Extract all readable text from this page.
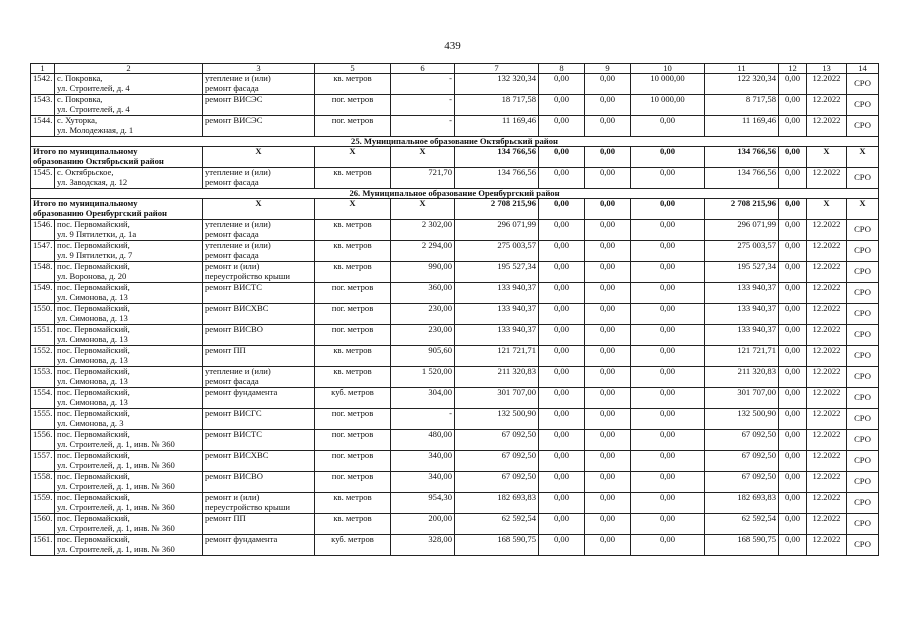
439
1	2	3	5	6	7	8	9	10	11	12	13	14
1542.	с. Покровка,
ул. Строителей, д. 4	утепление и (или)
ремонт фасада	кв. метров	-	132 320,34	0,00	0,00	10 000,00	122 320,34	0,00	12.2022	СРО
1543.	с. Покровка,
ул. Строителей, д. 4	ремонт ВИСЭС	пог. метров	-	18 717,58	0,00	0,00	10 000,00	8 717,58	0,00	12.2022	СРО
1544.	с. Хуторка,
ул. Молодежная, д. 1	ремонт ВИСЭС	пог. метров	-	11 169,46	0,00	0,00	0,00	11 169,46	0,00	12.2022	СРО
25. Муниципальное образование Октябрьский район												

Итого по муниципальному
образованию Октябрьский район		Х	Х	Х	134 766,56	0,00	0,00	0,00	134 766,56	0,00	Х	Х
1545.	с. Октябрьское,
ул. Заводская, д. 12	утепление и (или)
ремонт фасада	кв. метров	721,70	134 766,56	0,00	0,00	0,00	134 766,56	0,00	12.2022	СРО
26. Муниципальное образование Оренбургский район												

Итого по муниципальному
образованию Оренбургский район		Х	Х	Х	2 708 215,96	0,00	0,00	0,00	2 708 215,96	0,00	Х	Х
1546.	пос. Первомайский,
ул. 9 Пятилетки, д. 1а	утепление и (или)
ремонт фасада	кв. метров	2 302,00	296 071,99	0,00	0,00	0,00	296 071,99	0,00	12.2022	СРО
1547.	пос. Первомайский,
ул. 9 Пятилетки, д. 7	утепление и (или)
ремонт фасада	кв. метров	2 294,00	275 003,57	0,00	0,00	0,00	275 003,57	0,00	12.2022	СРО
1548.	пос. Первомайский,
ул. Воронова, д. 20	ремонт и (или)
переустройство крыши	кв. метров	990,00	195 527,34	0,00	0,00	0,00	195 527,34	0,00	12.2022	СРО
1549.	пос. Первомайский,
ул. Симонова, д. 13	ремонт ВИСТС	пог. метров	360,00	133 940,37	0,00	0,00	0,00	133 940,37	0,00	12.2022	СРО
1550.	пос. Первомайский,
ул. Симонова, д. 13	ремонт ВИСХВС	пог. метров	230,00	133 940,37	0,00	0,00	0,00	133 940,37	0,00	12.2022	СРО
1551.	пос. Первомайский,
ул. Симонова, д. 13	ремонт ВИСВО	пог. метров	230,00	133 940,37	0,00	0,00	0,00	133 940,37	0,00	12.2022	СРО
1552.	пос. Первомайский,
ул. Симонова, д. 13	ремонт ПП	кв. метров	905,60	121 721,71	0,00	0,00	0,00	121 721,71	0,00	12.2022	СРО
1553.	пос. Первомайский,
ул. Симонова, д. 13	утепление и (или)
ремонт фасада	кв. метров	1 520,00	211 320,83	0,00	0,00	0,00	211 320,83	0,00	12.2022	СРО
1554.	пос. Первомайский,
ул. Симонова, д. 13	ремонт фундамента	куб. метров	304,00	301 707,00	0,00	0,00	0,00	301 707,00	0,00	12.2022	СРО
1555.	пос. Первомайский,
ул. Симонова, д. 3	ремонт ВИСГС	пог. метров	-	132 500,90	0,00	0,00	0,00	132 500,90	0,00	12.2022	СРО
1556.	пос. Первомайский,
ул. Строителей, д. 1, инв. № 360	ремонт ВИСТС	пог. метров	480,00	67 092,50	0,00	0,00	0,00	67 092,50	0,00	12.2022	СРО
1557.	пос. Первомайский,
ул. Строителей, д. 1, инв. № 360	ремонт ВИСХВС	пог. метров	340,00	67 092,50	0,00	0,00	0,00	67 092,50	0,00	12.2022	СРО
1558.	пос. Первомайский,
ул. Строителей, д. 1, инв. № 360	ремонт ВИСВО	пог. метров	340,00	67 092,50	0,00	0,00	0,00	67 092,50	0,00	12.2022	СРО
1559.	пос. Первомайский,
ул. Строителей, д. 1, инв. № 360	ремонт и (или)
переустройство крыши	кв. метров	954,30	182 693,83	0,00	0,00	0,00	182 693,83	0,00	12.2022	СРО
1560.	пос. Первомайский,
ул. Строителей, д. 1, инв. № 360	ремонт ПП	кв. метров	200,00	62 592,54	0,00	0,00	0,00	62 592,54	0,00	12.2022	СРО
1561.	пос. Первомайский,
ул. Строителей, д. 1, инв. № 360	ремонт фундамента	куб. метров	328,00	168 590,75	0,00	0,00	0,00	168 590,75	0,00	12.2022	СРО
